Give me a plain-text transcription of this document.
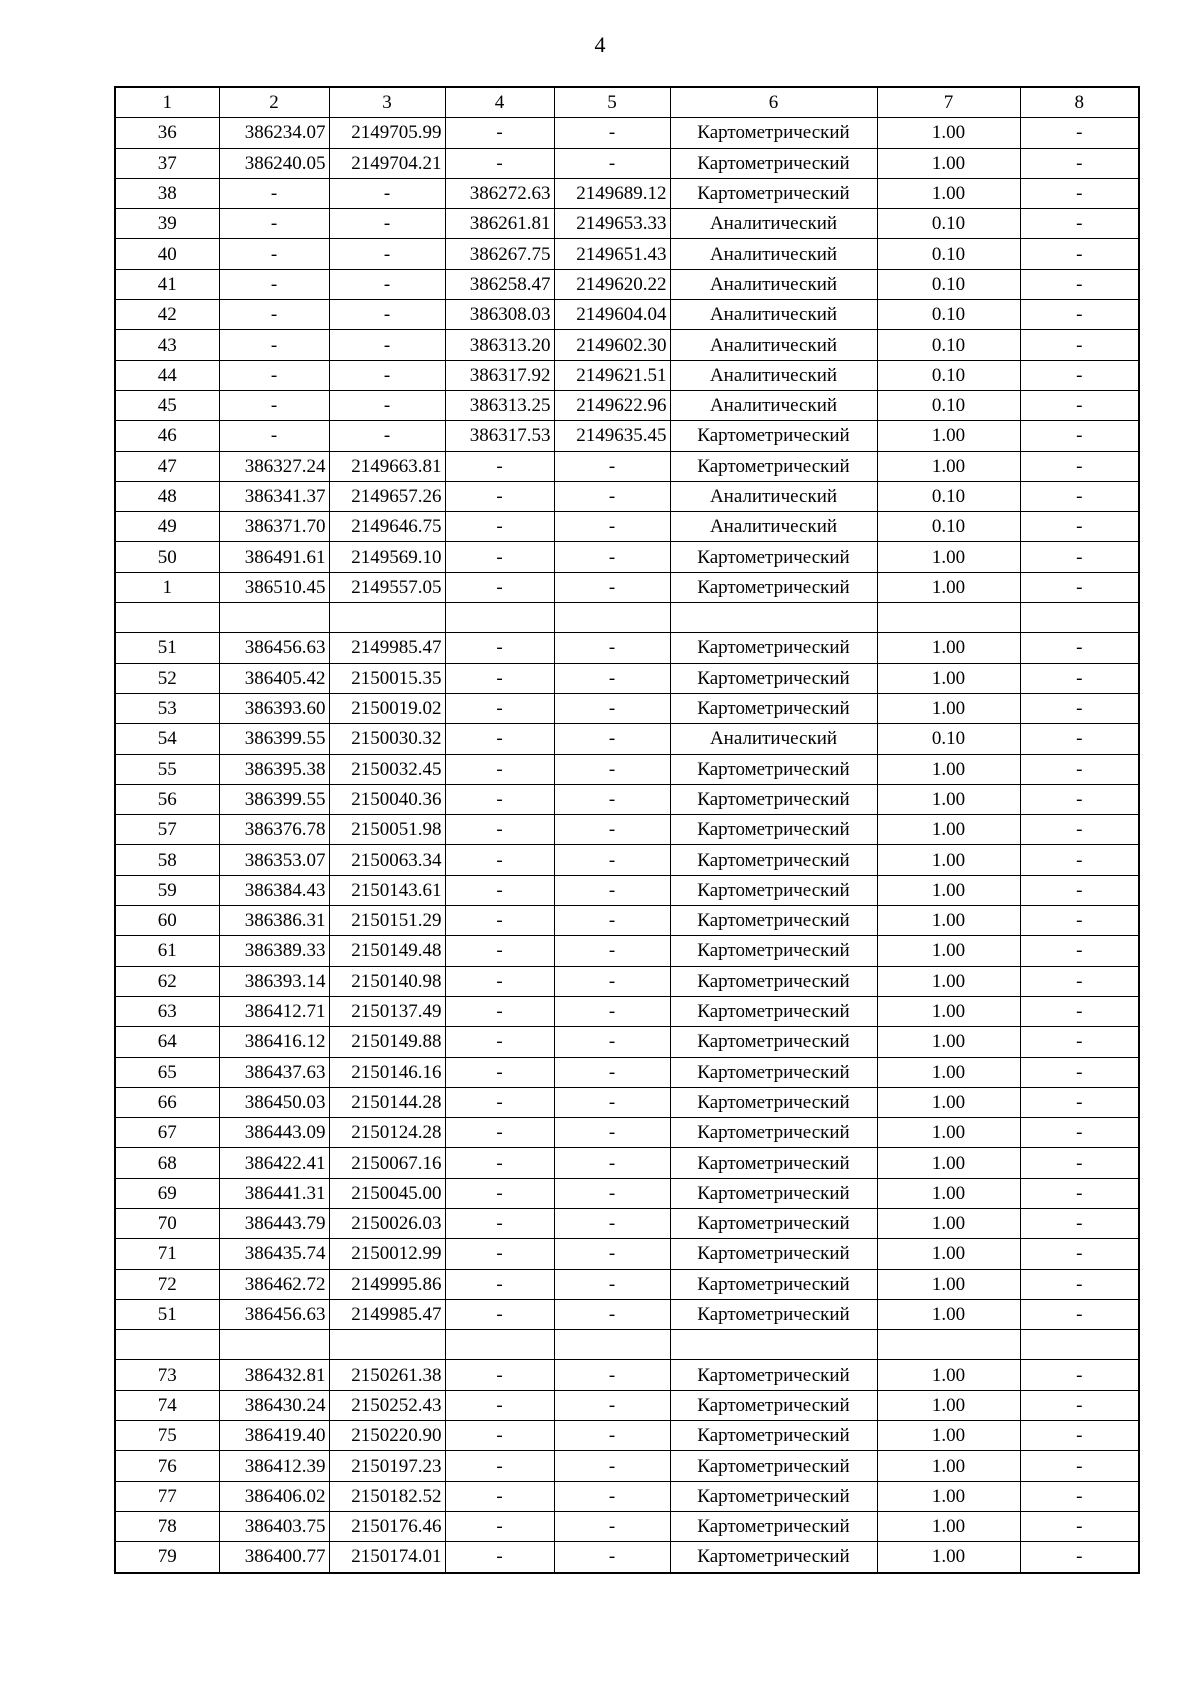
4
1	2	3	4	5	6	7	8
36	386234.07	2149705.99	-	-	Картометрический	1.00	-
37	386240.05	2149704.21	-	-	Картометрический	1.00	-
38	-	-	386272.63	2149689.12	Картометрический	1.00	-
39	-	-	386261.81	2149653.33	Аналитический	0.10	-
40	-	-	386267.75	2149651.43	Аналитический	0.10	-
41	-	-	386258.47	2149620.22	Аналитический	0.10	-
42	-	-	386308.03	2149604.04	Аналитический	0.10	-
43	-	-	386313.20	2149602.30	Аналитический	0.10	-
44	-	-	386317.92	2149621.51	Аналитический	0.10	-
45	-	-	386313.25	2149622.96	Аналитический	0.10	-
46	-	-	386317.53	2149635.45	Картометрический	1.00	-
47	386327.24	2149663.81	-	-	Картометрический	1.00	-
48	386341.37	2149657.26	-	-	Аналитический	0.10	-
49	386371.70	2149646.75	-	-	Аналитический	0.10	-
50	386491.61	2149569.10	-	-	Картометрический	1.00	-
1	386510.45	2149557.05	-	-	Картометрический	1.00	-

51	386456.63	2149985.47	-	-	Картометрический	1.00	-
52	386405.42	2150015.35	-	-	Картометрический	1.00	-
53	386393.60	2150019.02	-	-	Картометрический	1.00	-
54	386399.55	2150030.32	-	-	Аналитический	0.10	-
55	386395.38	2150032.45	-	-	Картометрический	1.00	-
56	386399.55	2150040.36	-	-	Картометрический	1.00	-
57	386376.78	2150051.98	-	-	Картометрический	1.00	-
58	386353.07	2150063.34	-	-	Картометрический	1.00	-
59	386384.43	2150143.61	-	-	Картометрический	1.00	-
60	386386.31	2150151.29	-	-	Картометрический	1.00	-
61	386389.33	2150149.48	-	-	Картометрический	1.00	-
62	386393.14	2150140.98	-	-	Картометрический	1.00	-
63	386412.71	2150137.49	-	-	Картометрический	1.00	-
64	386416.12	2150149.88	-	-	Картометрический	1.00	-
65	386437.63	2150146.16	-	-	Картометрический	1.00	-
66	386450.03	2150144.28	-	-	Картометрический	1.00	-
67	386443.09	2150124.28	-	-	Картометрический	1.00	-
68	386422.41	2150067.16	-	-	Картометрический	1.00	-
69	386441.31	2150045.00	-	-	Картометрический	1.00	-
70	386443.79	2150026.03	-	-	Картометрический	1.00	-
71	386435.74	2150012.99	-	-	Картометрический	1.00	-
72	386462.72	2149995.86	-	-	Картометрический	1.00	-
51	386456.63	2149985.47	-	-	Картометрический	1.00	-

73	386432.81	2150261.38	-	-	Картометрический	1.00	-
74	386430.24	2150252.43	-	-	Картометрический	1.00	-
75	386419.40	2150220.90	-	-	Картометрический	1.00	-
76	386412.39	2150197.23	-	-	Картометрический	1.00	-
77	386406.02	2150182.52	-	-	Картометрический	1.00	-
78	386403.75	2150176.46	-	-	Картометрический	1.00	-
79	386400.77	2150174.01	-	-	Картометрический	1.00	-
